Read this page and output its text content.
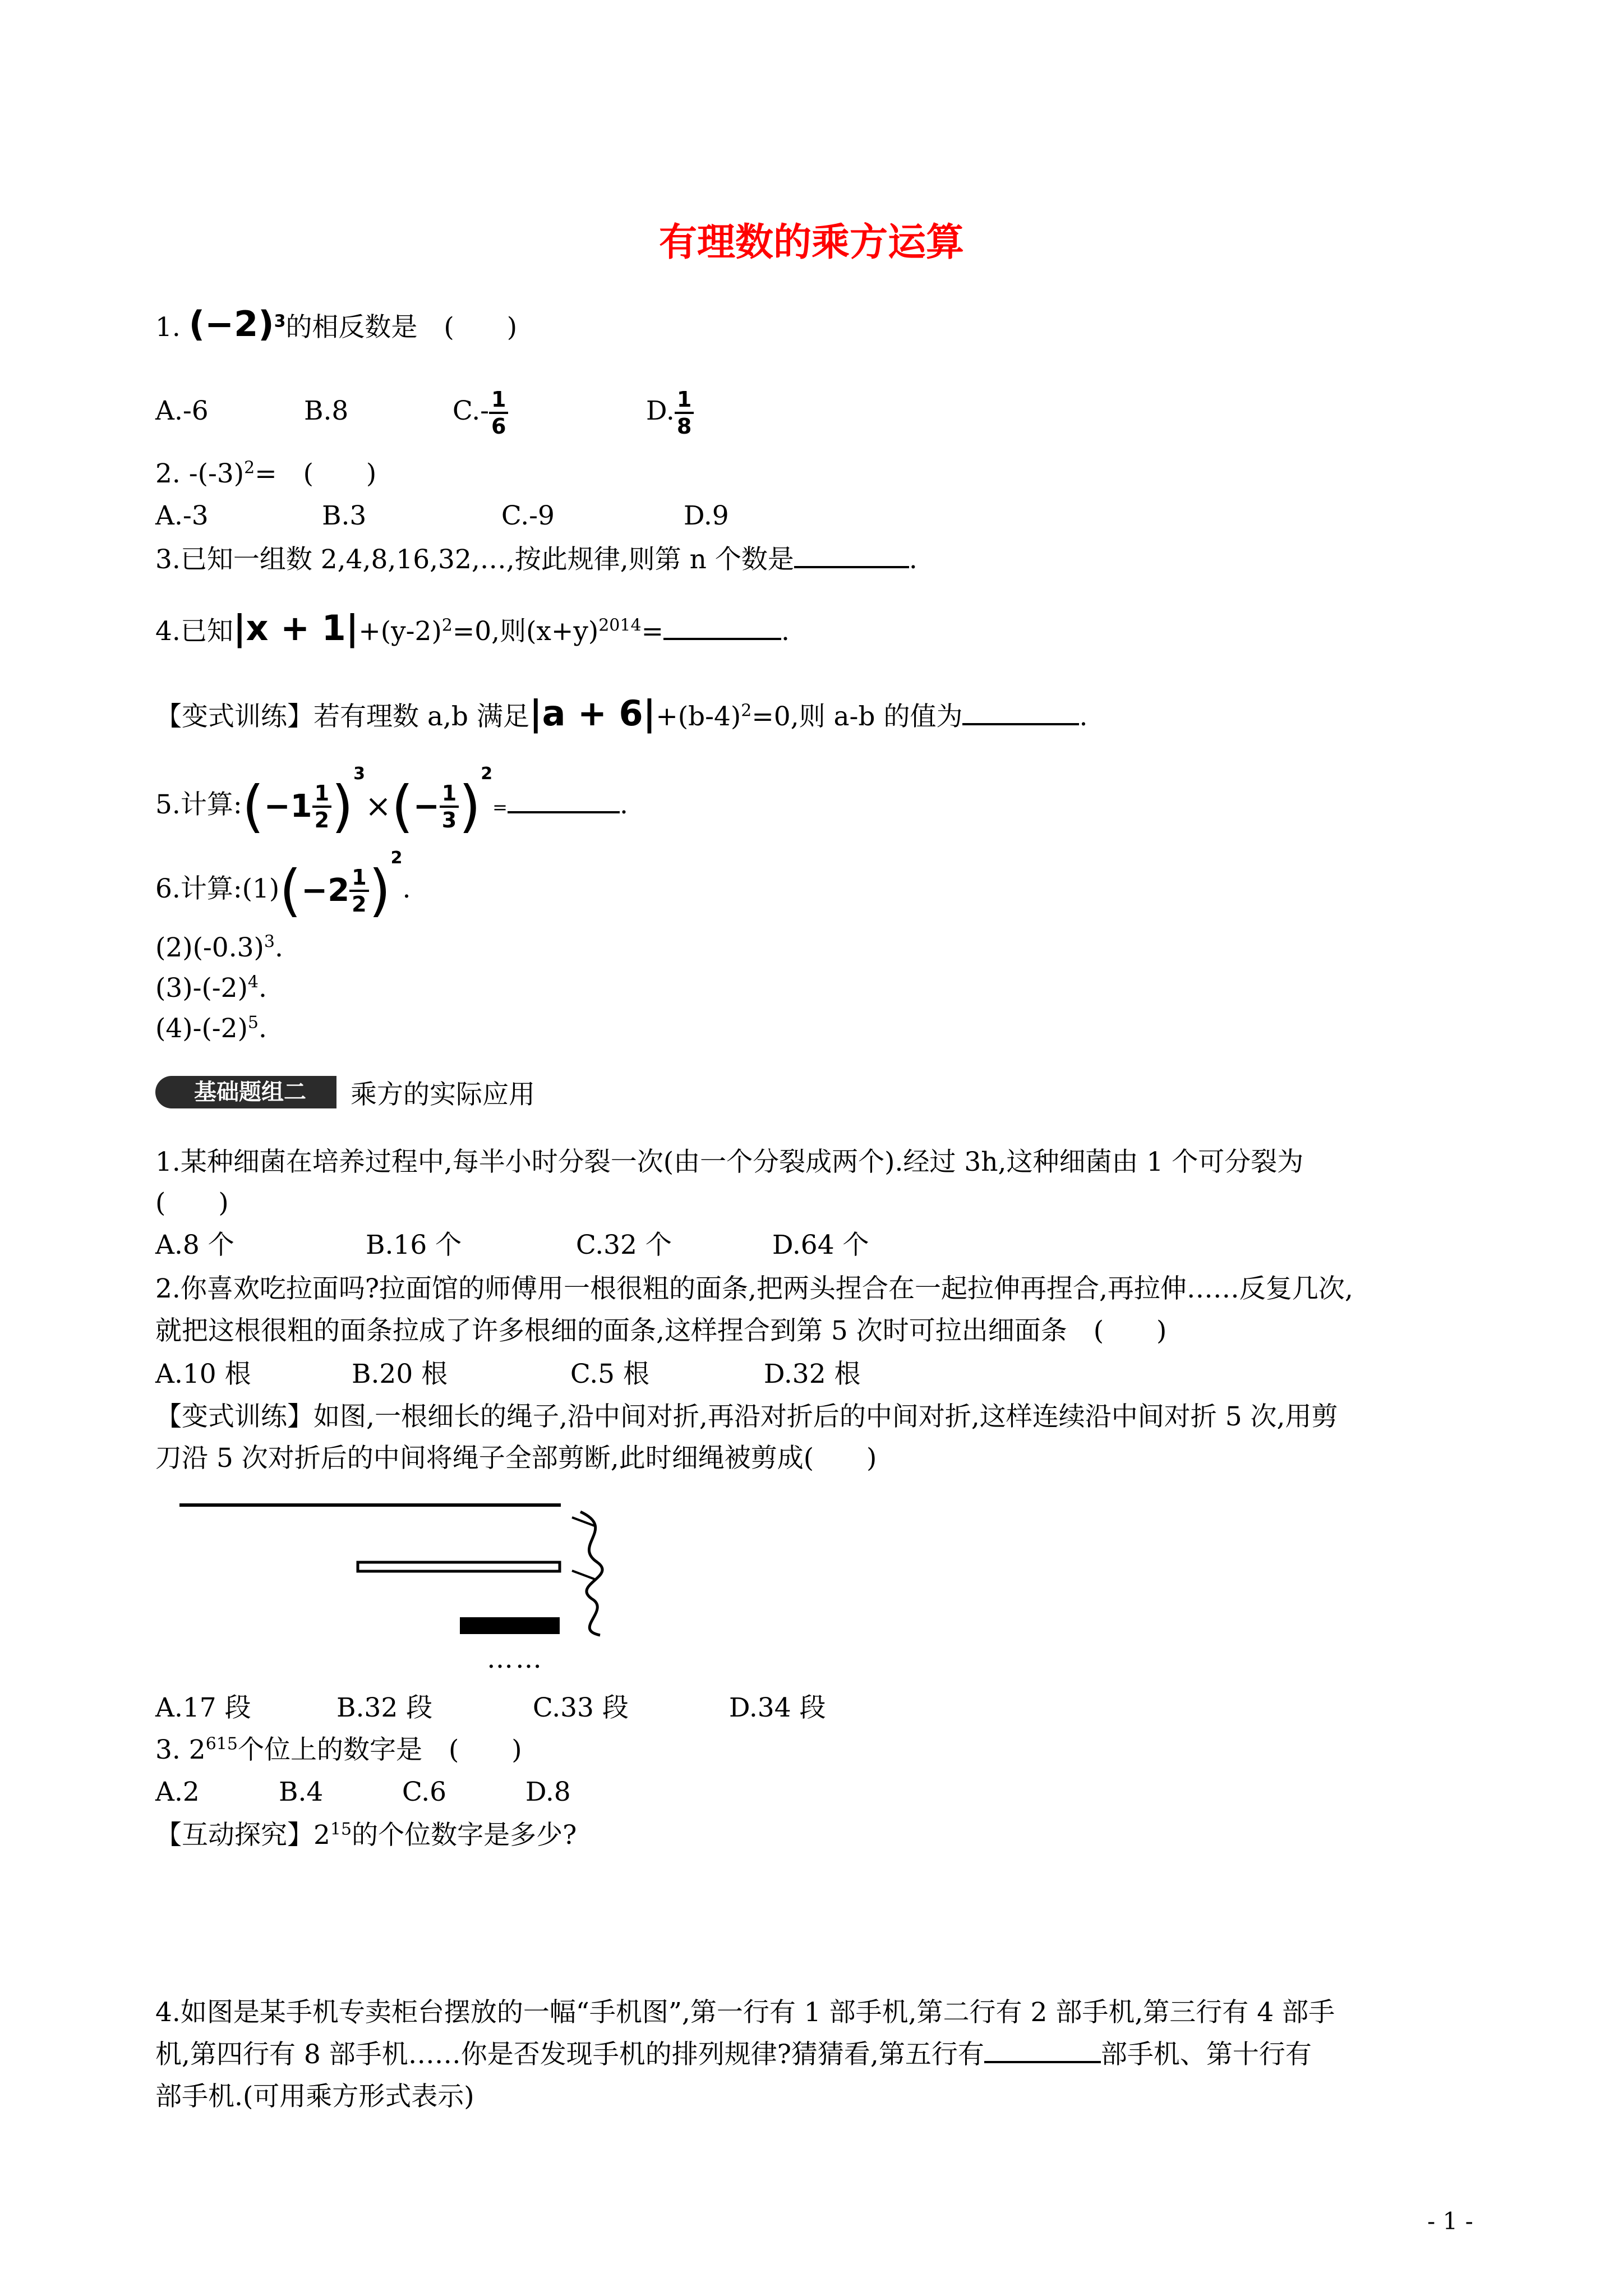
有理数的乘方运算
1. $(-2)^3$的相反数是　(　　)
A.-6	B.8	$C.- \frac{1}{6}$	D. $\frac{1}{8}$
2. $-(-3)^2=$　(　　)
A.-3	B.3	C.-9	D.9
3.已知一组数 2,4,8,16,32,…,按此规律,则第 n 个数是	.
4.已知$|x + 1|+(y-2)^2=0$,则$(x+y)^{2014}=$	.
【变式训练】若有理数 a,b 满足$|a + 6|+(b-4)^2=0$,则 a-b 的值为	.
5.计算:(−1 $\frac{1}{2} )^3\times(- \frac{1}{3} )^2=$	.
6.计算:(1)(−2 $\frac{1}{2} )^2$.
$(2)(-0.3)^3$.
$(3)-(-2)^4$.
$(4)-(-2)^5$.
基础题组二	乘方的实际应用
1.某种细菌在培养过程中,每半小时分裂一次(由一个分裂成两个).经过 3h,这种细菌由 1 个可分裂为
(　　)
A.8 个	B.16 个	C.32 个	D.64 个
2.你喜欢吃拉面吗?拉面馆的师傅用一根很粗的面条,把两头捏合在一起拉伸再捏合,再拉伸……反复几次,
就把这根很粗的面条拉成了许多根细的面条,这样捏合到第 5 次时可拉出细面条　(　　)
A.10 根	B.20 根	C.5 根	D.32 根
【变式训练】如图,一根细长的绳子,沿中间对折,再沿对折后的中间对折,这样连续沿中间对折 5 次,用剪
刀沿 5 次对折后的中间将绳子全部剪断,此时细绳被剪成(　　)
……
A.17 段	B.32 段	C.33 段	D.34 段
3. $2^{615}$个位上的数字是　(　　)
A.2	B.4	C.6	D.8
【互动探究】$2^{15}$的个位数字是多少?
4.如图是某手机专卖柜台摆放的一幅“手机图”,第一行有 1 部手机,第二行有 2 部手机,第三行有 4 部手
机,第四行有 8 部手机……你是否发现手机的排列规律?猜猜看,第五行有	部手机、第十行有
部手机.(可用乘方形式表示)
- 1 -
